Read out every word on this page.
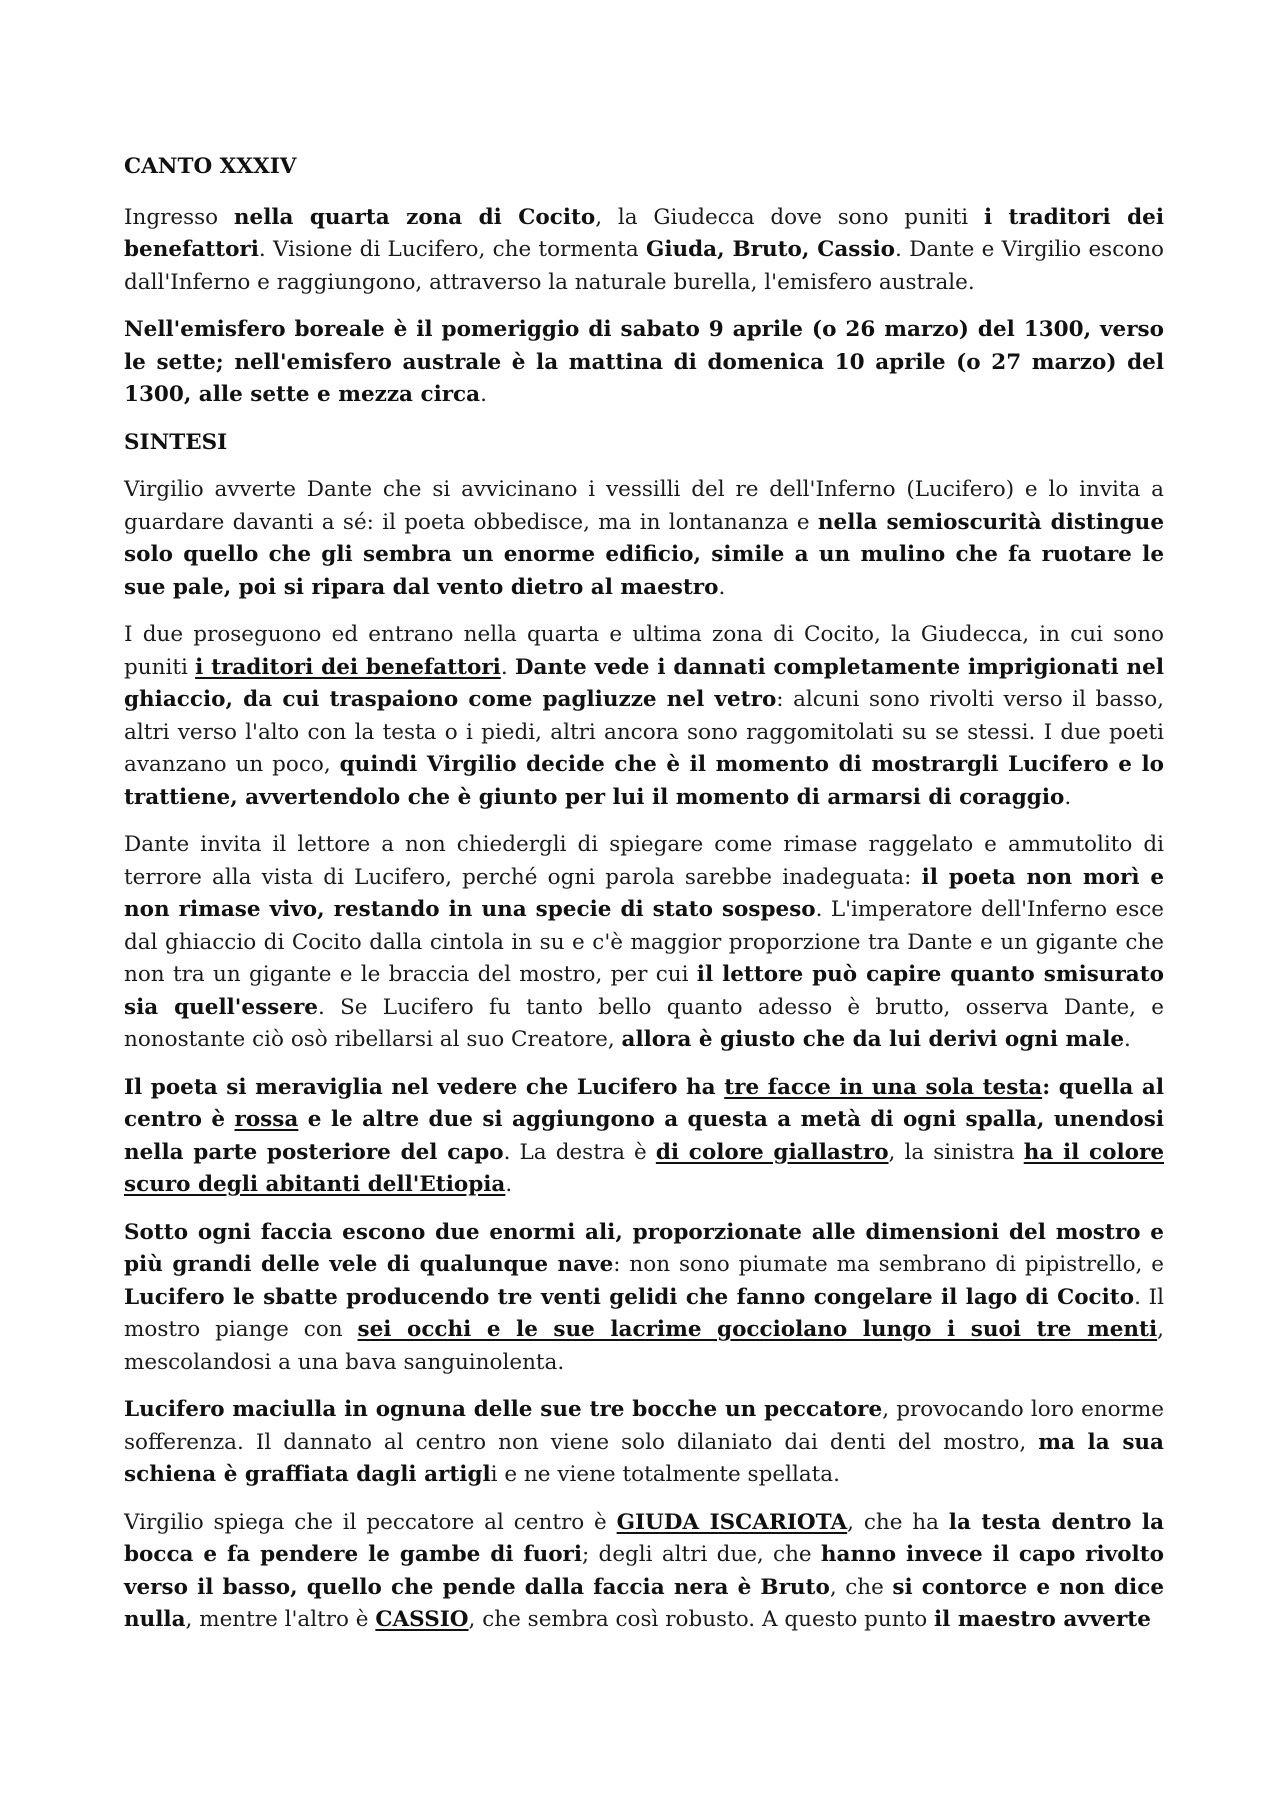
CANTO XXXIV

Ingresso nella quarta zona di Cocito, la Giudecca dove sono puniti i traditori dei benefattori. Visione di Lucifero, che tormenta Giuda, Bruto, Cassio. Dante e Virgilio escono dall'Inferno e raggiungono, attraverso la naturale burella, l'emisfero australe.

Nell'emisfero boreale è il pomeriggio di sabato 9 aprile (o 26 marzo) del 1300, verso le sette; nell'emisfero australe è la mattina di domenica 10 aprile (o 27 marzo) del 1300, alle sette e mezza circa.

SINTESI

Virgilio avverte Dante che si avvicinano i vessilli del re dell'Inferno (Lucifero) e lo invita a guardare davanti a sé: il poeta obbedisce, ma in lontananza e nella semioscurità distingue solo quello che gli sembra un enorme edificio, simile a un mulino che fa ruotare le sue pale, poi si ripara dal vento dietro al maestro.

I due proseguono ed entrano nella quarta e ultima zona di Cocito, la Giudecca, in cui sono puniti i traditori dei benefattori. Dante vede i dannati completamente imprigionati nel ghiaccio, da cui traspaiono come pagliuzze nel vetro: alcuni sono rivolti verso il basso, altri verso l'alto con la testa o i piedi, altri ancora sono raggomitolati su se stessi. I due poeti avanzano un poco, quindi Virgilio decide che è il momento di mostrargli Lucifero e lo trattiene, avvertendolo che è giunto per lui il momento di armarsi di coraggio.

Dante invita il lettore a non chiedergli di spiegare come rimase raggelato e ammutolito di terrore alla vista di Lucifero, perché ogni parola sarebbe inadeguata: il poeta non morì e non rimase vivo, restando in una specie di stato sospeso. L'imperatore dell'Inferno esce dal ghiaccio di Cocito dalla cintola in su e c'è maggior proporzione tra Dante e un gigante che non tra un gigante e le braccia del mostro, per cui il lettore può capire quanto smisurato sia quell'essere. Se Lucifero fu tanto bello quanto adesso è brutto, osserva Dante, e nonostante ciò osò ribellarsi al suo Creatore, allora è giusto che da lui derivi ogni male.

Il poeta si meraviglia nel vedere che Lucifero ha tre facce in una sola testa: quella al centro è rossa e le altre due si aggiungono a questa a metà di ogni spalla, unendosi nella parte posteriore del capo. La destra è di colore giallastro, la sinistra ha il colore scuro degli abitanti dell'Etiopia.

Sotto ogni faccia escono due enormi ali, proporzionate alle dimensioni del mostro e più grandi delle vele di qualunque nave: non sono piumate ma sembrano di pipistrello, e Lucifero le sbatte producendo tre venti gelidi che fanno congelare il lago di Cocito. Il mostro piange con sei occhi e le sue lacrime gocciolano lungo i suoi tre menti, mescolandosi a una bava sanguinolenta.

Lucifero maciulla in ognuna delle sue tre bocche un peccatore, provocando loro enorme sofferenza. Il dannato al centro non viene solo dilaniato dai denti del mostro, ma la sua schiena è graffiata dagli artigli e ne viene totalmente spellata.

Virgilio spiega che il peccatore al centro è GIUDA ISCARIOTA, che ha la testa dentro la bocca e fa pendere le gambe di fuori; degli altri due, che hanno invece il capo rivolto verso il basso, quello che pende dalla faccia nera è Bruto, che si contorce e non dice nulla, mentre l'altro è CASSIO, che sembra così robusto. A questo punto il maestro avverte
